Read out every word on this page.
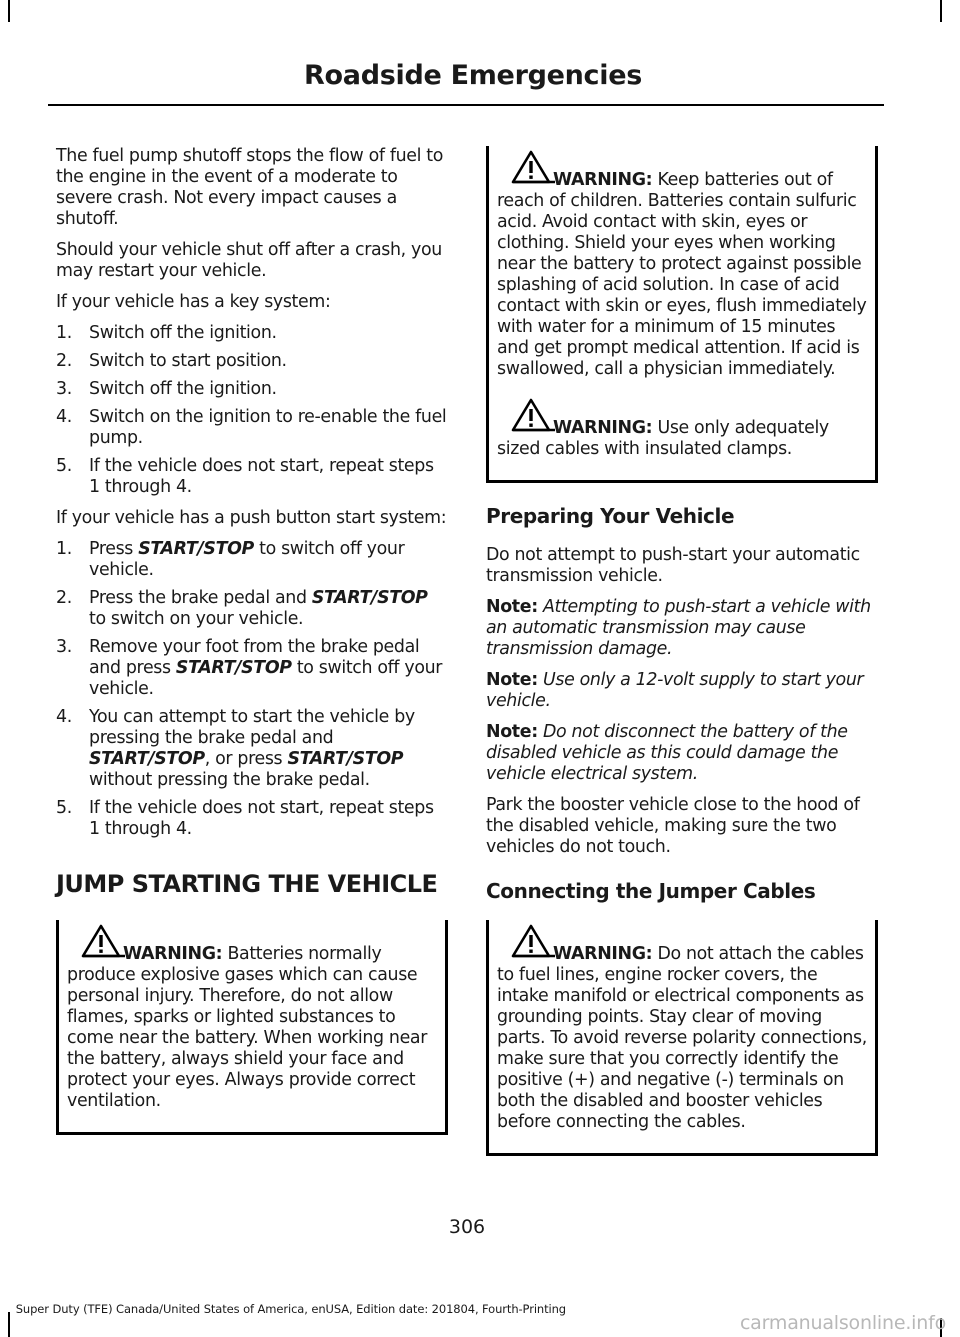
Roadside Emergencies

The fuel pump shutoff stops the flow of fuel to the engine in the event of a moderate to severe crash. Not every impact causes a shutoff.

Should your vehicle shut off after a crash, you may restart your vehicle.

If your vehicle has a key system:

1. Switch off the ignition.
2. Switch to start position.
3. Switch off the ignition.
4. Switch on the ignition to re-enable the fuel pump.
5. If the vehicle does not start, repeat steps 1 through 4.

If your vehicle has a push button start system:

1. Press START/STOP to switch off your vehicle.
2. Press the brake pedal and START/STOP to switch on your vehicle.
3. Remove your foot from the brake pedal and press START/STOP to switch off your vehicle.
4. You can attempt to start the vehicle by pressing the brake pedal and START/STOP, or press START/STOP without pressing the brake pedal.
5. If the vehicle does not start, repeat steps 1 through 4.
JUMP STARTING THE VEHICLE

WARNING: Batteries normally produce explosive gases which can cause personal injury. Therefore, do not allow flames, sparks or lighted substances to come near the battery. When working near the battery, always shield your face and protect your eyes. Always provide correct ventilation.

WARNING: Keep batteries out of reach of children. Batteries contain sulfuric acid. Avoid contact with skin, eyes or clothing. Shield your eyes when working near the battery to protect against possible splashing of acid solution. In case of acid contact with skin or eyes, flush immediately with water for a minimum of 15 minutes and get prompt medical attention. If acid is swallowed, call a physician immediately.

WARNING: Use only adequately sized cables with insulated clamps.

Preparing Your Vehicle

Do not attempt to push-start your automatic transmission vehicle.

Note: Attempting to push-start a vehicle with an automatic transmission may cause transmission damage.

Note: Use only a 12-volt supply to start your vehicle.

Note: Do not disconnect the battery of the disabled vehicle as this could damage the vehicle electrical system.

Park the booster vehicle close to the hood of the disabled vehicle, making sure the two vehicles do not touch.

Connecting the Jumper Cables

WARNING: Do not attach the cables to fuel lines, engine rocker covers, the intake manifold or electrical components as grounding points. Stay clear of moving parts. To avoid reverse polarity connections, make sure that you correctly identify the positive (+) and negative (-) terminals on both the disabled and booster vehicles before connecting the cables.

306
Super Duty (TFE) Canada/United States of America, enUSA, Edition date: 201804, Fourth-Printing
carmanualsonline.info
